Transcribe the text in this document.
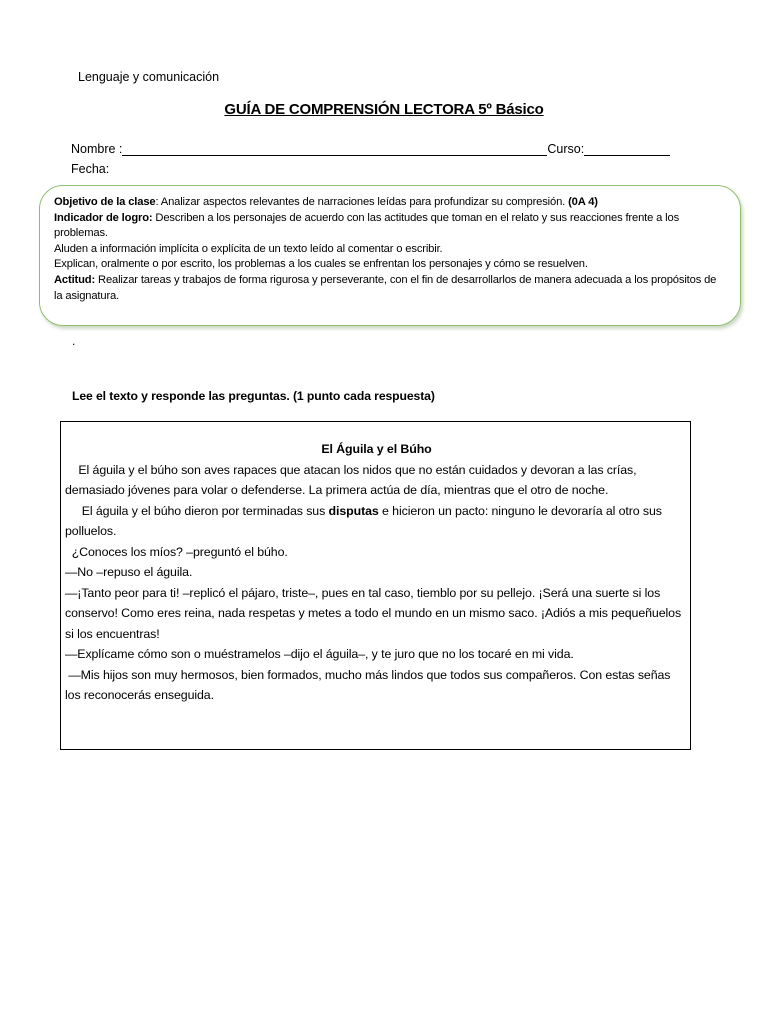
Lenguaje y comunicación
GUÍA DE COMPRENSIÓN LECTORA 5º Básico
Nombre :	Curso:
Fecha:

Objetivo de la clase: Analizar aspectos relevantes de narraciones leídas para profundizar su compresión. (0A 4)

Indicador de logro: Describen a los personajes de acuerdo con las actitudes que toman en el relato y sus reacciones frente a los problemas.

Aluden a información implícita o explícita de un texto leído al comentar o escribir.

Explican, oralmente o por escrito, los problemas a los cuales se enfrentan los personajes y cómo se resuelven.

Actitud: Realizar tareas y trabajos de forma rigurosa y perseverante, con el fin de desarrollarlos de manera adecuada a los propósitos de la asignatura.

.
Lee el texto y responde las preguntas. (1 punto cada respuesta)

El Águila y el Búho

El águila y el búho son aves rapaces que atacan los nidos que no están cuidados y devoran a las crías, demasiado jóvenes para volar o defenderse. La primera actúa de día, mientras que el otro de noche.

El águila y el búho dieron por terminadas sus disputas e hicieron un pacto: ninguno le devoraría al otro sus polluelos.

¿Conoces los míos? –preguntó el búho.

—No –repuso el águila.

—¡Tanto peor para ti! –replicó el pájaro, triste–, pues en tal caso, tiemblo por su pellejo. ¡Será una suerte si los conservo! Como eres reina, nada respetas y metes a todo el mundo en un mismo saco. ¡Adiós a mis pequeñuelos si los encuentras!

—Explícame cómo son o muéstramelos –dijo el águila–, y te juro que no los tocaré en mi vida.

—Mis hijos son muy hermosos, bien formados, mucho más lindos que todos sus compañeros. Con estas señas los reconocerás enseguida.
